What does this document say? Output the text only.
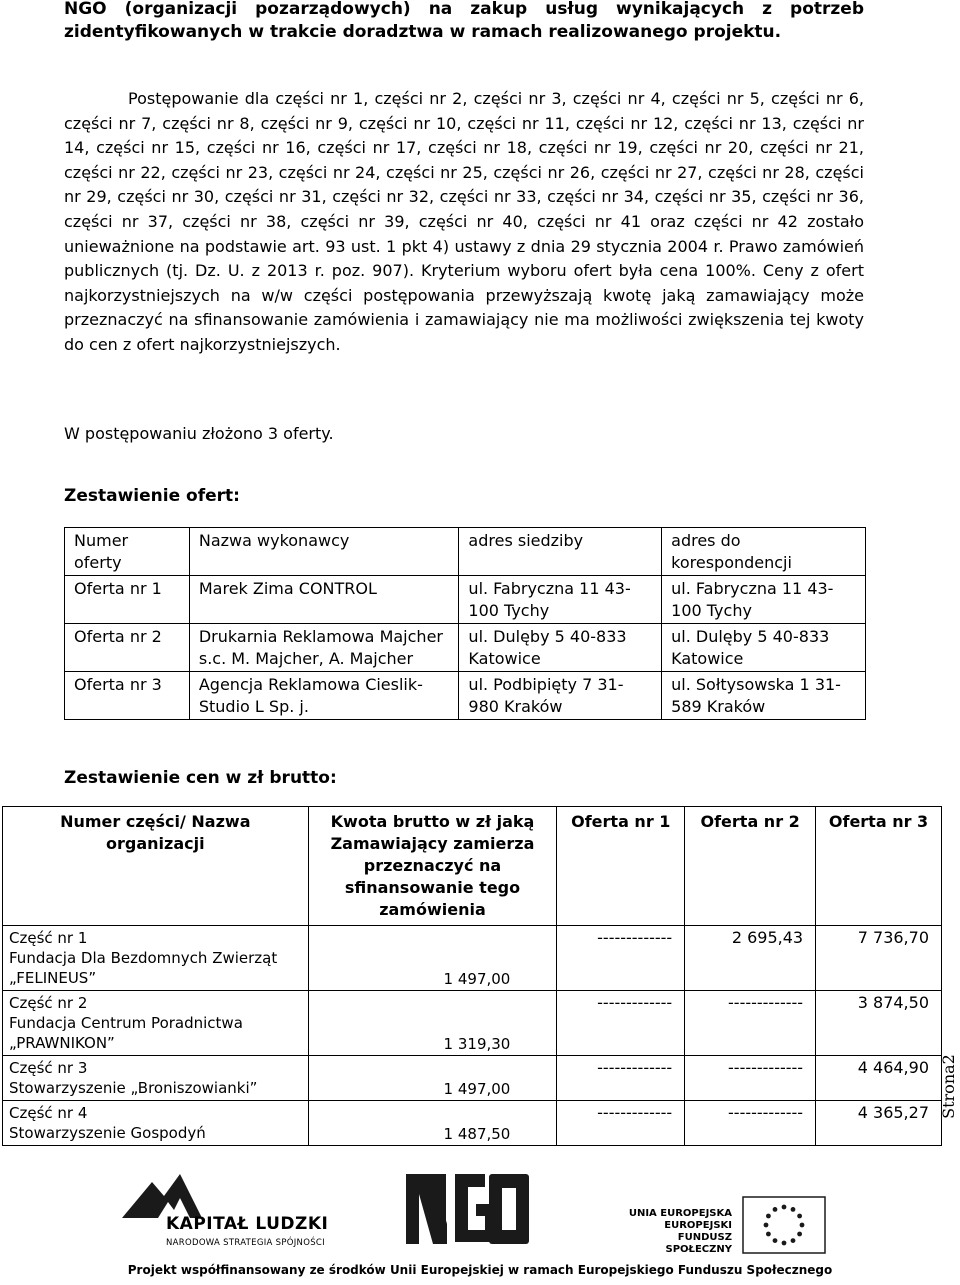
NGO (organizacji pozarządowych) na zakup usług wynikających z potrzeb zidentyfikowanych w trakcie doradztwa w ramach realizowanego projektu.

Postępowanie dla części nr 1, części nr 2, części nr 3, części nr 4, części nr 5, części nr 6, części nr 7, części nr 8, części nr 9, części nr 10, części nr 11, części nr 12, części nr 13, części nr 14, części nr 15, części nr 16, części nr 17, części nr 18, części nr 19, części nr 20, części nr 21, części nr 22, części nr 23, części nr 24, części nr 25, części nr 26, części nr 27, części nr 28, części nr 29, części nr 30, części nr 31, części nr 32, części nr 33, części nr 34, części nr 35, części nr 36, części nr 37, części nr 38, części nr 39, części nr 40, części nr 41 oraz części nr 42 zostało unieważnione na podstawie art. 93 ust. 1 pkt 4) ustawy z dnia 29 stycznia 2004 r. Prawo zamówień publicznych (tj. Dz. U. z 2013 r. poz. 907). Kryterium wyboru ofert była cena 100%. Ceny z ofert najkorzystniejszych na w/w części postępowania przewyższają kwotę jaką zamawiający może przeznaczyć na sfinansowanie zamówienia i zamawiający nie ma możliwości zwiększenia tej kwoty do cen z ofert najkorzystniejszych.

W postępowaniu złożono 3 oferty.
Zestawienie ofert:
Numer oferty	Nazwa wykonawcy	adres siedziby	adres do korespondencji
Oferta nr 1	Marek Zima CONTROL	ul. Fabryczna 11 43-100 Tychy	ul. Fabryczna 11 43-100 Tychy
Oferta nr 2	Drukarnia Reklamowa Majcher s.c. M. Majcher, A. Majcher	ul. Dulęby 5 40-833 Katowice	ul. Dulęby 5 40-833 Katowice
Oferta nr 3	Agencja Reklamowa Cieslik-Studio L Sp. j.	ul. Podbipięty 7 31-980 Kraków	ul. Sołtysowska 1 31-589 Kraków
Zestawienie cen w zł brutto:
Numer części/ Nazwa organizacji	Kwota brutto w zł jaką Zamawiający zamierza przeznaczyć na sfinansowanie tego zamówienia	Oferta nr 1	Oferta nr 2	Oferta nr 3

Część nr 1
Fundacja Dla Bezdomnych Zwierząt „FELINEUS”	1 497,00	-------------	2 695,43	7 736,70

Część nr 2
Fundacja Centrum Poradnictwa „PRAWNIKON”	1 319,30	-------------	-------------	3 874,50

Część nr 3
Stowarzyszenie „Broniszowianki”	1 497,00	-------------	-------------	4 464,90

Część nr 4
Stowarzyszenie Gospodyń	1 487,50	-------------	-------------	4 365,27 Strona2
KAPITAŁ LUDZKI
NARODOWA STRATEGIA SPÓJNOŚCI
UNIA EUROPEJSKA
EUROPEJSKI
FUNDUSZ SPOŁECZNY
Projekt współfinansowany ze środków Unii Europejskiej w ramach Europejskiego Funduszu Społecznego
